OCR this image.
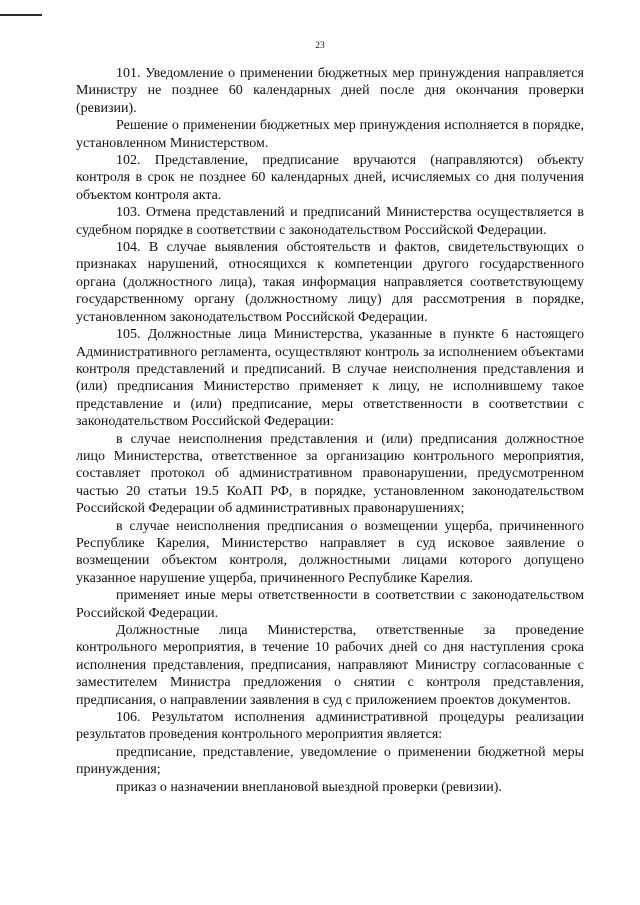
23

101. Уведомление о применении бюджетных мер принуждения направляется Министру не позднее 60 календарных дней после дня окончания проверки (ревизии).

Решение о применении бюджетных мер принуждения исполняется в порядке, установленном Министерством.

102. Представление, предписание вручаются (направляются) объекту контроля в срок не позднее 60 календарных дней, исчисляемых со дня получения объектом контроля акта.

103. Отмена представлений и предписаний Министерства осуществляется в судебном порядке в соответствии с законодательством Российской Федерации.

104. В случае выявления обстоятельств и фактов, свидетельствующих о признаках нарушений, относящихся к компетенции другого государственного органа (должностного лица), такая информация направляется соответствующему государственному органу (должностному лицу) для рассмотрения в порядке, установленном законодательством Российской Федерации.

105. Должностные лица Министерства, указанные в пункте 6 настоящего Административного регламента, осуществляют контроль за исполнением объектами контроля представлений и предписаний. В случае неисполнения представления и (или) предписания Министерство применяет к лицу, не исполнившему такое представление и (или) предписание, меры ответственности в соответствии с законодательством Российской Федерации:

в случае неисполнения представления и (или) предписания должностное лицо Министерства, ответственное за организацию контрольного мероприятия, составляет протокол об административном правонарушении, предусмотренном частью 20 статьи 19.5 КоАП РФ, в порядке, установленном законодательством Российской Федерации об административных правонарушениях;

в случае неисполнения предписания о возмещении ущерба, причиненного Республике Карелия, Министерство направляет в суд исковое заявление о возмещении объектом контроля, должностными лицами которого допущено указанное нарушение ущерба, причиненного Республике Карелия.

применяет иные меры ответственности в соответствии с законодательством Российской Федерации.

Должностные лица Министерства, ответственные за проведение контрольного мероприятия, в течение 10 рабочих дней со дня наступления срока исполнения представления, предписания, направляют Министру согласованные с заместителем Министра предложения о снятии с контроля представления, предписания, о направлении заявления в суд с приложением проектов документов.

106. Результатом исполнения административной процедуры реализации результатов проведения контрольного мероприятия является:

предписание, представление, уведомление о применении бюджетной меры принуждения;

приказ о назначении внеплановой выездной проверки (ревизии).
